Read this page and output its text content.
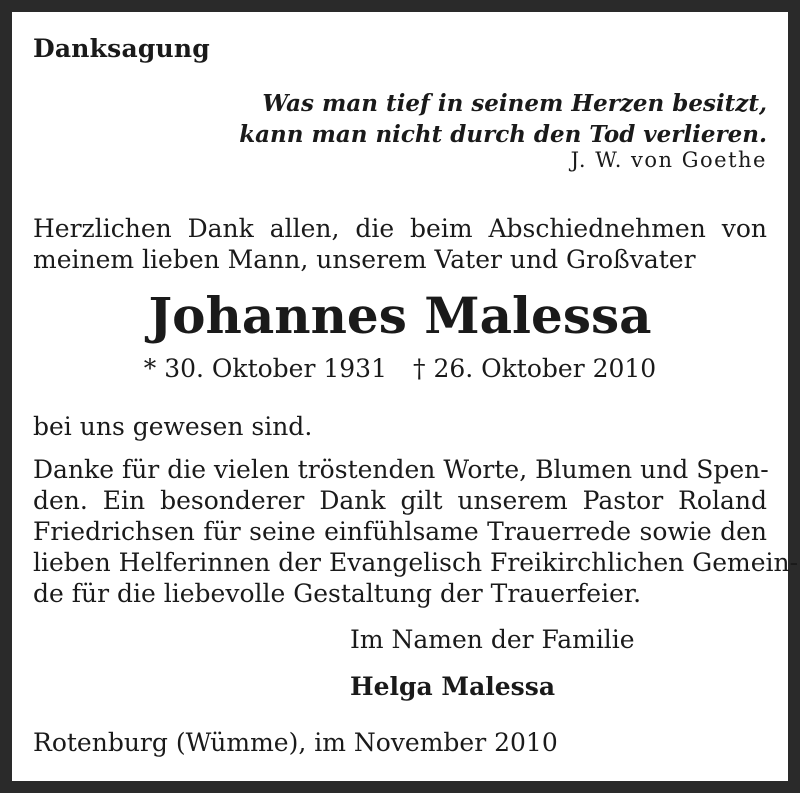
Danksagung
Was man tief in seinem Herzen besitzt,
kann man nicht durch den Tod verlieren.
J. W. von Goethe
Herzlichen Dank allen, die beim Abschiednehmen von
meinem lieben Mann, unserem Vater und Großvater
Johannes Malessa
* 30. Oktober 1931 † 26. Oktober 2010
bei uns gewesen sind.
Danke für die vielen tröstenden Worte, Blumen und Spen-
den. Ein besonderer Dank gilt unserem Pastor Roland
Friedrichsen für seine einfühlsame Trauerrede sowie den
lieben Helferinnen der Evangelisch Freikirchlichen Gemein-
de für die liebevolle Gestaltung der Trauerfeier.
Im Namen der Familie
Helga Malessa
Rotenburg (Wümme), im November 2010
